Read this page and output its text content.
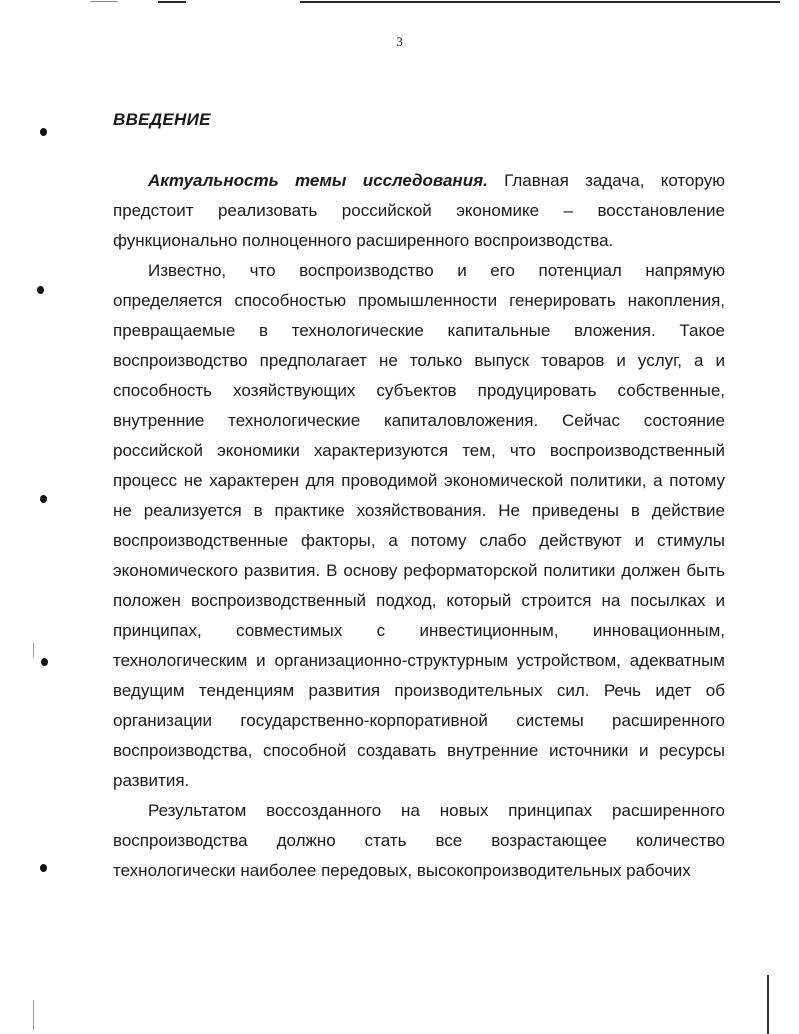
3
ВВЕДЕНИЕ

Актуальность темы исследования. Главная задача, которую предстоит реализовать российской экономике – восстановление функционально полноценного расширенного воспроизводства.

Известно, что воспроизводство и его потенциал напрямую определяется способностью промышленности генерировать накопления, превращаемые в технологические капитальные вложения. Такое воспроизводство предполагает не только выпуск товаров и услуг, а и способность хозяйствующих субъектов продуцировать собственные, внутренние технологические капиталовложения. Сейчас состояние российской экономики характеризуются тем, что воспроизводственный процесс не характерен для проводимой экономической политики, а потому не реализуется в практике хозяйствования. Не приведены в действие воспроизводственные факторы, а потому слабо действуют и стимулы экономического развития. В основу реформаторской политики должен быть положен воспроизводственный подход, который строится на посылках и принципах, совместимых с инвестиционным, инновационным, технологическим и организационно-структурным устройством, адекватным ведущим тенденциям развития производительных сил. Речь идет об организации государственно-корпоративной системы расширенного воспроизводства, способной создавать внутренние источники и ресурсы развития.

Результатом воссозданного на новых принципах расширенного воспроизводства должно стать все возрастающее количество технологически наиболее передовых, высокопроизводительных рабочих
